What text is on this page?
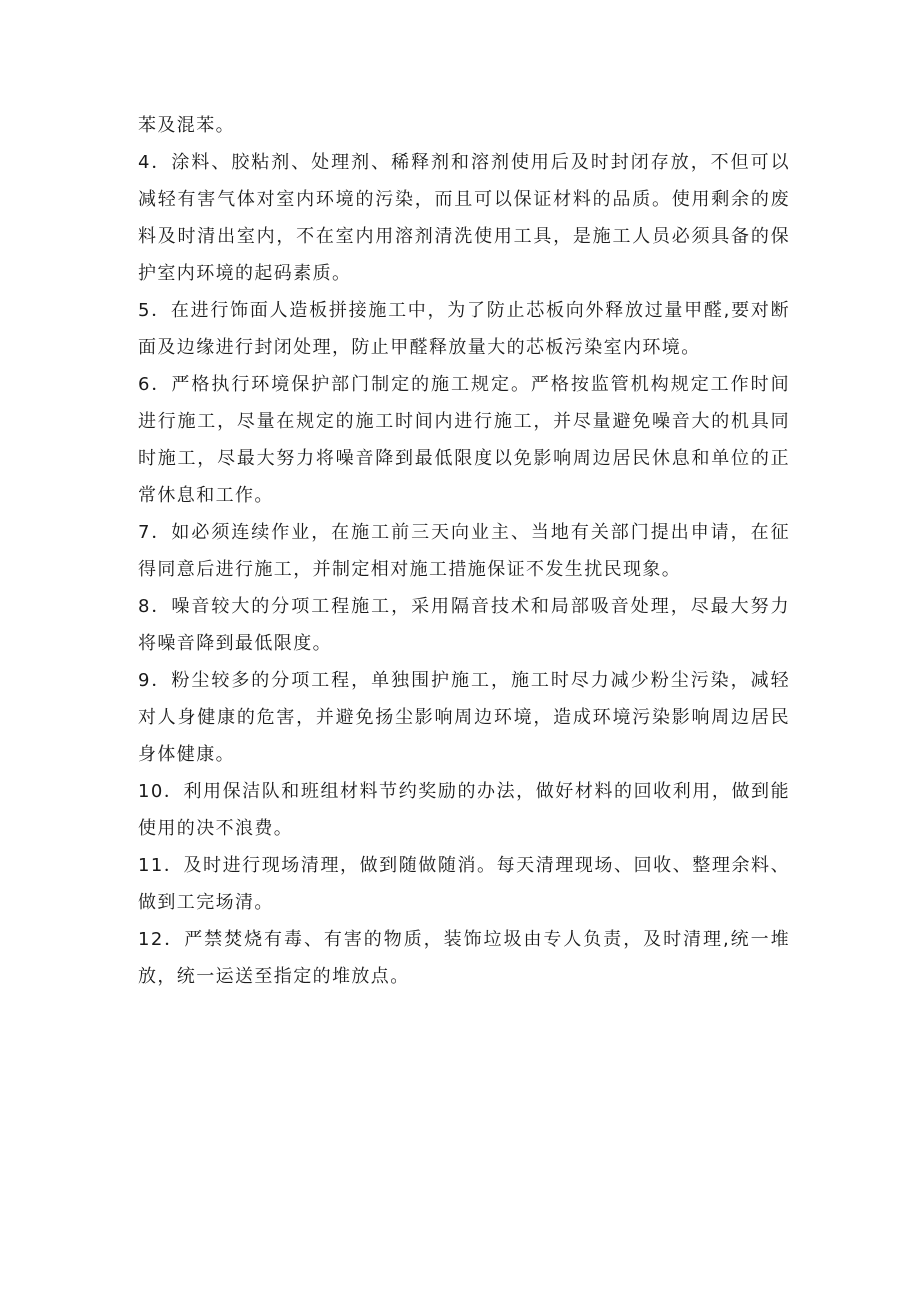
苯及混苯。

4．涂料、胶粘剂、处理剂、稀释剂和溶剂使用后及时封闭存放，不但可以减轻有害气体对室内环境的污染，而且可以保证材料的品质。使用剩余的废料及时清出室内，不在室内用溶剂清洗使用工具，是施工人员必须具备的保护室内环境的起码素质。

5．在进行饰面人造板拼接施工中，为了防止芯板向外释放过量甲醛,要对断面及边缘进行封闭处理，防止甲醛释放量大的芯板污染室内环境。

6．严格执行环境保护部门制定的施工规定。严格按监管机构规定工作时间进行施工，尽量在规定的施工时间内进行施工，并尽量避免噪音大的机具同时施工，尽最大努力将噪音降到最低限度以免影响周边居民休息和单位的正常休息和工作。

7．如必须连续作业，在施工前三天向业主、当地有关部门提出申请，在征得同意后进行施工，并制定相对施工措施保证不发生扰民现象。

8．噪音较大的分项工程施工，采用隔音技术和局部吸音处理，尽最大努力将噪音降到最低限度。

9．粉尘较多的分项工程，单独围护施工，施工时尽力减少粉尘污染，减轻对人身健康的危害，并避免扬尘影响周边环境，造成环境污染影响周边居民身体健康。

10．利用保洁队和班组材料节约奖励的办法，做好材料的回收利用，做到能使用的决不浪费。

11．及时进行现场清理，做到随做随消。每天清理现场、回收、整理余料、做到工完场清。

12．严禁焚烧有毒、有害的物质，装饰垃圾由专人负责，及时清理,统一堆放，统一运送至指定的堆放点。
